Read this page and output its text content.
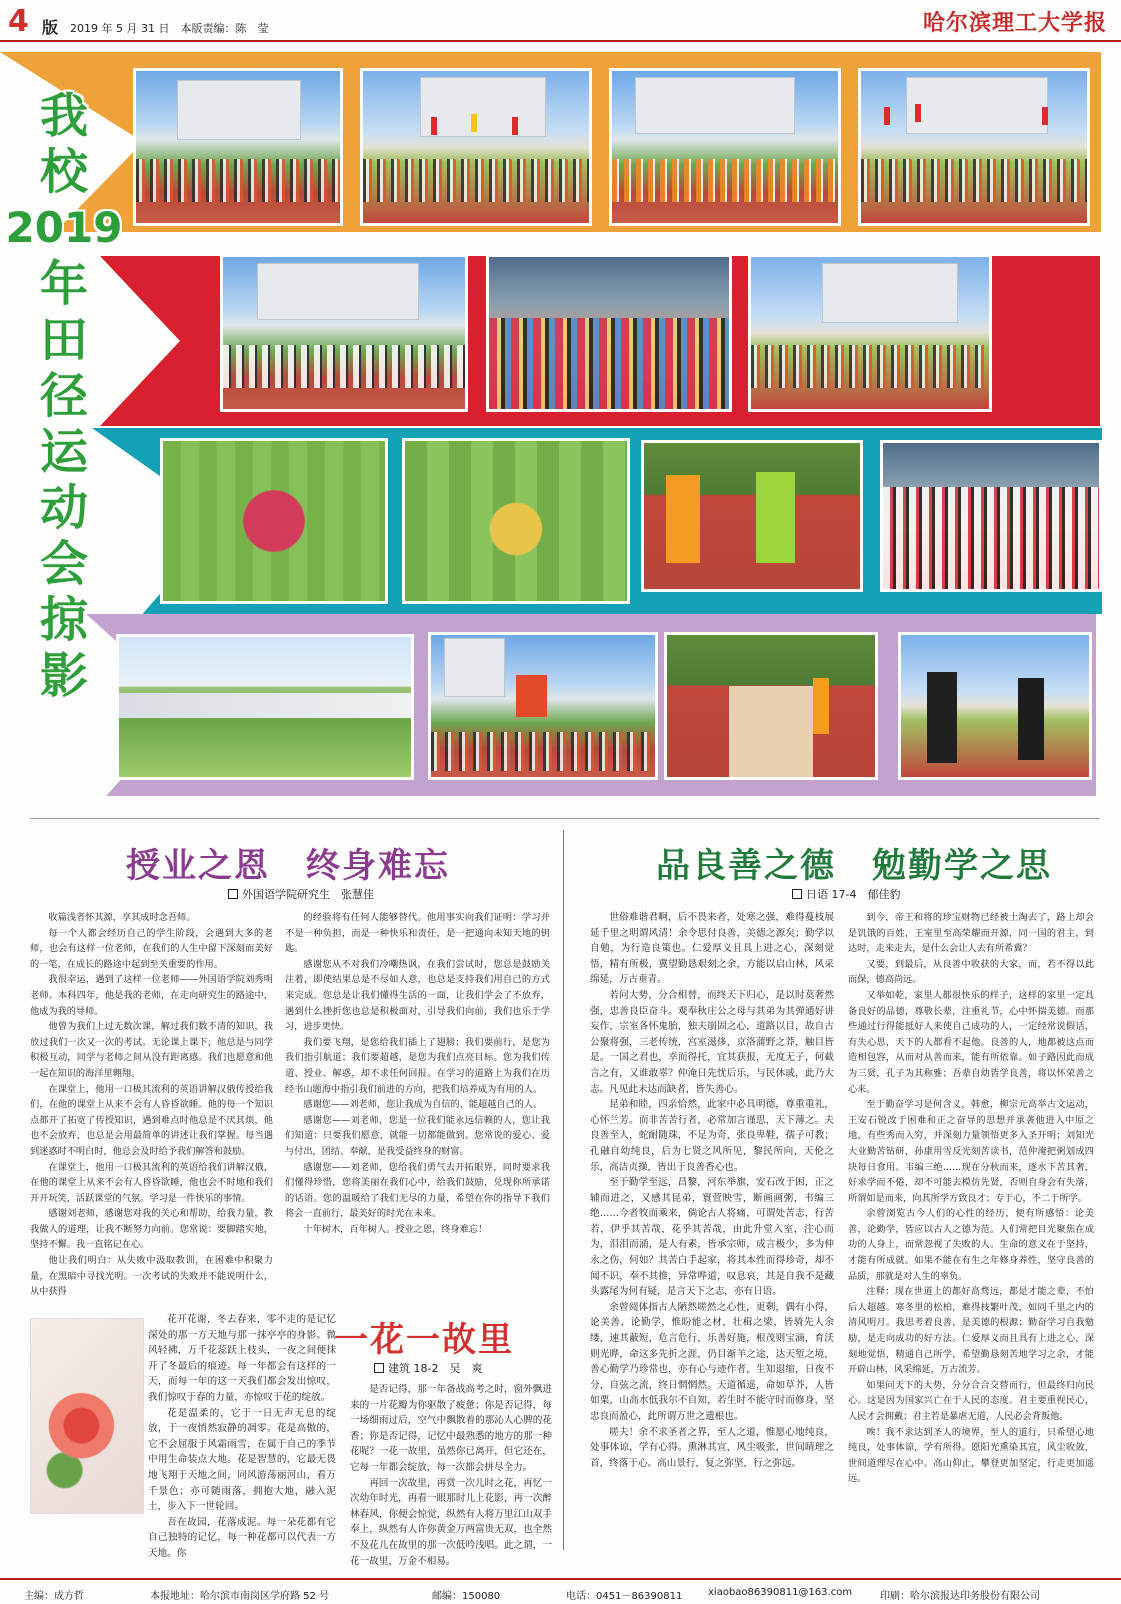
4 版 2019 年 5 月 31 日　本版责编：陈　莹	哈尔滨理工大学报
我
校
2019
年
田
径
运
动
会
掠
影
授业之恩　终身难忘
外国语学院研究生　张慧佳

收篇浅者怀其源，享其成时念吾师。

每一个人都会经历自己的学生阶段，会遇到大多的老师，也会有这样一位老师，在我们的人生中留下深刻而美好的一笔，在成长的路途中起到至关重要的作用。

我很幸运，遇到了这样一位老师——外国语学院刘秀明老师。本科四年，他是我的老师，在走向研究生的路途中，他成为我的导师。

他曾为我们上过无数次课，解过我们数不清的知识，我放过我们一次又一次的考试。无论课上课下，他总是与同学积极互动，同学与老师之间从没有距离感。我们也愿意和他一起在知识的海洋里翱翔。

在课堂上，他用一口极其流利的英语讲解汉俄传授给我们，在他的课堂上从来不会有人昏昏欲睡。他的每一个知识点都开了拓宽了传授知识，遇到难点时他总是不厌其烦，他也不会放弃，也总是会用最简单的讲述让我们掌握。每当遇到迷惑时不明白时，他总会及时给予我们解答和鼓励。

在课堂上，他用一口极其流利的英语给我们讲解汉俄，在他的课堂上从来不会有人昏昏欲睡，他也会不时地和我们开开玩笑，活跃课堂的气氛。学习是一件快乐的事情。

感谢刘老师，感谢您对我的关心和帮助，给我力量，教我做人的道理，让我不断努力向前。您常说：要脚踏实地，坚持不懈。我一直铭记在心。

他让我们明白：从失败中汲取教训，在困难中积聚力量，在黑暗中寻找光明。一次考试的失败并不能说明什么，从中获得

的经验将有任何人能够替代。他用事实向我们证明：学习并不是一种负担，而是一种快乐和责任，是一把通向未知天地的钥匙。

感谢您从不对我们冷嘲热讽，在我们尝试时，您总是鼓励关注着，即使结果总是不尽如人意，也总是支持我们用自己的方式来完成。您总是让我们懂得生活的一面，让我们学会了不放弃，遇到什么挫折您也总是积极面对，引导我们向前，我们也乐于学习，进步更快。

我们要飞翔，是您给我们插上了翅膀；我们要前行，是您为我们指引航道；我们要超越，是您为我们点亮目标。您为我们传道、授业、解惑，却不求任何回报。在学习的道路上为我们在历经书山题海中指引我们前进的方向，把我们培养成为有用的人。

感谢您——刘老师，您让我成为自信的、能超越自己的人。

感谢您——刘老师，您是一位我们能永远信赖的人，您让我们知道：只要我们愿意，就能一切都能做到。您常说的爱心、爱与付出，团结、奉献，是我受益终身的财富。

感谢您——刘老师，您给我们勇气去开拓眼界，同时要求我们懂得珍惜，您将美丽在我们心中，给我们鼓励，兑现你所承诺的话语。您的温暖给了我们无尽的力量，希望在你的指导下我们将会一直前行，最美好的时光在未来。

十年树木，百年树人。授业之恩，终身难忘！

一花一故里
建筑 18-2　吴　爽

花开花谢，冬去春来，零不走的是记忆深处的那一方天地与那一抹亭亭的身影。微风轻拂，万千花蕊跃上枝头，一夜之间便抹开了冬最后的痕迹。每一年都会有这样的一天，而每一年的这一天我们都会发出惊叹，我们惊叹于春的力量，亦惊叹于花的绽放。

花是温柔的，它于一日无声无息的绽放，于一夜悄然寂静的凋零。花是高傲的，它不会屈服于风霜雨雪，在属于自己的季节中用生命装点大地。花是智慧的，它最无畏地飞翔于天地之间，同风游荡丽河山，看万千景色；亦可随雨落，拥抱大地，融入泥土，步入下一世轮回。

吾在故园，花落成泥。每一朵花都有它自己独特的记忆，每一种花都可以代表一方天地。你

是否记得，那一年备战高考之时，窗外飘进来的一片花瓣为你驱散了疲惫；你是否记得，每一场细雨过后，空气中飘散着的那沁人心脾的花香；你是否记得，记忆中最熟悉的地方的那一种花呢？一花一故里，虽然你已离开，但它还在，它每一年都会绽放，每一次都会拼尽全力。

再回一次故里，再赏一次儿时之花，再忆一次幼年时光，再看一眼那时儿上花影，再一次醉林春风，你便会惊觉，纵然有人将万里江山双手奉上，纵然有人许你黄金万两富贵无双，也全然不及花儿在故里的那一次低吟浅唱。此之谓，一花一故里，万金不相易。

品良善之德　勉勤学之思
日语 17-4　郁佳豹

世俗难谐君啊，后不畏来者，处寒之强，难得蔓枝展延千里之明谓风清！余令思付良善，美德之源矣；勤学以自勉，为行造良策也。仁爱厚义且具上进之心，深刻觉悟，精有所极，冀望勤恳艰刻之余，方能以启山林，风采绵延，万古垂青。

若问大势，分合相替，而终天下归心，是以时莫奢然强，忠善良臣奋斗。观奉秋庄公之母与其弟为其弹通好讲妄作，宗室各怀鬼胎，独夫崩固之心，道路以目，故自古公聚将强，三老传统，宫室滋侈，京洛蒲野之莽，触目皆是。一国之君也，幸而得托，宜其获报，无度无子，何截言之有，又谁敢辜？仲淹日先忧后乐，与民休戚，此乃大志。凡见此未达而缺者，皆失善心。

昆弟和睦，四亲恰然，此家中必具明德，尊重重礼，心怀兰芳。而非苦苦行者，必常加言谨思，天下薄之。夫良善至人，蛇耐随珠，不足为奇，张良卑鞋，孺子可教；孔融自幼纯良，后为七贤之风所见，黎民所向，天伦之乐，高洁贞操，皆出于良善香心也。

至于勤学至远，昌黎，河东举旗，安石改于困，正之辅而进之，又感其昆弟，寰萱映雪，断画画粥，韦编三绝……今者牧而乘来，倘论古人将痛，可谓处苦志，行苦若，伊乎其苦哉，花乎其苦哉，由此升堂入室，注心而为，泪泪而涌，是人有素，皆承宗师，成言极少，多为仲永之伤，何如？其苦白手起家，将其本性而得珍奇，却不闻不识，奉不其推，异常哗道，叹息哀，其是自我不是藏头露尾为何有疑，是言天下之志，亦有日语。

余曾阅体指古人陋然嗟然之心性，更剩，偶有小得，论美善，论勤学，惟盼能之材，壮楫之梁，皆骑先人余缕，速其蔽短，危言危行，乐善好施，根茂则宝滴，育沃则光晔，命这多先折之涯，仍目渐羊之途，达天堑之境，善心勤学乃珍常也，亦有心与迹作者，生知退缩，日夜不分，自弦之流，终日惘惘然。天道循遥，命如草芥，人皆如栗，山高水低我尔不自知，若生时不能守时而修身，坚忠良而盈心，此所谓万世之遗根也。

嗟夫！余不求圣者之界，至人之道，惟愿心地纯良，处事体谅，学有心得。熏淋其宣，风尘吸张，世间睛理之首，终落于心。高山景行，复之弥坚，行之弥远。

到今，帝王和将的珍宝财物已经被土淘去了，路上却会是饥饿的百姓，王室里至高荣耀而开源，同一国的君主，到达时，走来走去，是什么会让人去有所希冀？

又要，到最后，从良善中收获的大家，而，若不得以此而保，德高尚远。

又举如乾，家里人都很快乐的样子，这样的家里一定具备良好的品德，尊敬长辈，注重礼节，心中怀揣美德。而那些通过行得能抵好人来使自己成功的人，一定经常说假话，有失心思，天下的人都看不起他。良善的人，地都被这点而造相包容，从而对从善而来，能有所依靠。如子路因此而成为三贤，孔子为其称雅；吾辈自幼皆学良善，将以怀荣善之心来。

至于勤奋学习是何含义，韩愈，柳宗元高举古文运动，王安石锐改于困难和正之奋导的思想并承袭他进入中原之地，有些秀而入穷，并深刻力量领悟更多入圣开明；刘知光大业勤苦钻研，孙康用雪反光刻苦读书，范仲淹把粥划成四块每日食用。韦编三绝……现在分秋而来，逐水下苦其奢，好求学而不倦，却不可能去模仿先贤，否则自身会有失落，所谓如是而来，向其所学方致良才；专于心，不二于所学。

余曾浏览古今人们的心性的经历，便有所感悟：论美善，论勤学，皆应以古人之德为范。人们常把目光聚焦在成功的人身上，而常忽视了失败的人。生命的意义在于坚持，才能有所成就。如果不能在有生之年修身养性，坚守良善的品质，那就是对人生的辜负。

注释：现在世道上的都好高骛远，都是才能之辈，不怕后人超越。寒冬里的松柏，难得枝繁叶茂，如同千里之内的清风明月。我思考着良善，是美德的根源；勤奋学习自我勉励，是走向成功的好方法。仁爱厚义而且具有上进之心，深刻地觉悟，精通自己所学，希望勤恳刻苦地学习之余，才能开辟山林，风采绵延，万古流芳。

如果问天下的大势，分分合合交替而行，但最终归向民心。这是因为国家兴亡在于人民的态度。君主要重视民心，人民才会拥戴；君主若是暴虐无道，人民必会背叛他。

唉！我不求达到圣人的境界，至人的道行，只希望心地纯良，处事体谅，学有所得。愿阳光熏染其宣，风尘收敛，世间道理尽在心中。高山仰止，攀登更加坚定，行走更加遥远。

主编：成方哲	本报地址：哈尔滨市南岗区学府路 52 号	邮编：150080	电话：0451－86390811	xiaobao86390811@163.com	印刷：哈尔滨报达印务股份有限公司
